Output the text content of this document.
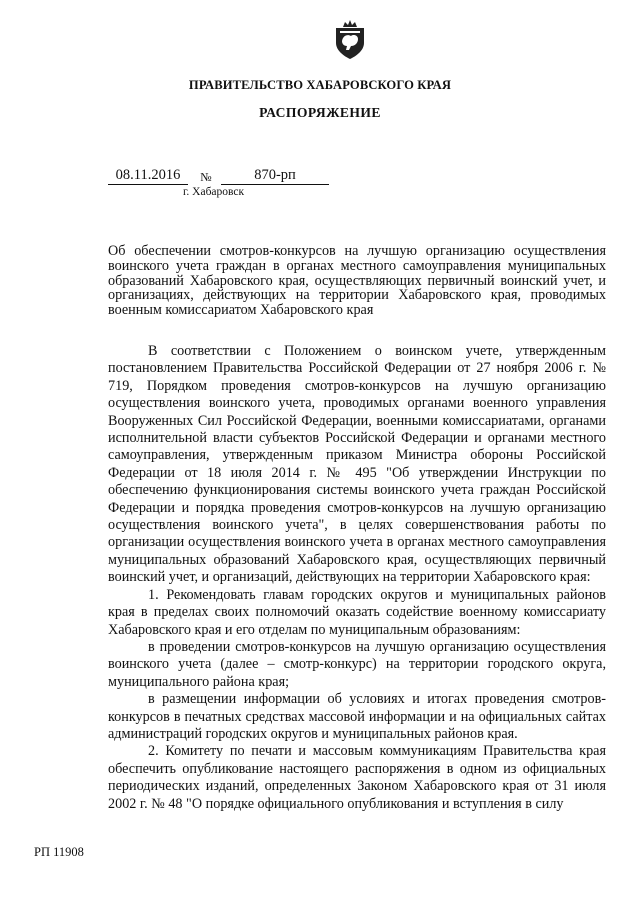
ПРАВИТЕЛЬСТВО ХАБАРОВСКОГО КРАЯ
РАСПОРЯЖЕНИЕ
08.11.2016	№	870-рп
г. Хабаровск
Об обеспечении смотров-конкурсов на лучшую организацию осуществления воинского учета граждан в органах местного самоуправления муниципальных образований Хабаровского края, осуществляющих первичный воинский учет, и организациях, действующих на территории Хабаровского края, проводимых военным комиссариатом Хабаровского края

В соответствии с Положением о воинском учете, утвержденным постановлением Правительства Российской Федерации от 27 ноября 2006 г. № 719, Порядком проведения смотров-конкурсов на лучшую организацию осуществления воинского учета, проводимых органами военного управления Вооруженных Сил Российской Федерации, военными комиссариатами, органами исполнительной власти субъектов Российской Федерации и органами местного самоуправления, утвержденным приказом Министра обороны Российской Федерации от 18 июля 2014 г. № 495 "Об утверждении Инструкции по обеспечению функционирования системы воинского учета граждан Российской Федерации и порядка проведения смотров-конкурсов на лучшую организацию осуществления воинского учета", в целях совершенствования работы по организации осуществления воинского учета в органах местного самоуправления муниципальных образований Хабаровского края, осуществляющих первичный воинский учет, и организаций, действующих на территории Хабаровского края:

1. Рекомендовать главам городских округов и муниципальных районов края в пределах своих полномочий оказать содействие военному комиссариату Хабаровского края и его отделам по муниципальным образованиям:

в проведении смотров-конкурсов на лучшую организацию осуществления воинского учета (далее – смотр-конкурс) на территории городского округа, муниципального района края;

в размещении информации об условиях и итогах проведения смотров-конкурсов в печатных средствах массовой информации и на официальных сайтах администраций городских округов и муниципальных районов края.

2. Комитету по печати и массовым коммуникациям Правительства края обеспечить опубликование настоящего распоряжения в одном из официальных периодических изданий, определенных Законом Хабаровского края от 31 июля 2002 г. № 48 "О порядке официального опубликования и вступления в силу

РП 11908
